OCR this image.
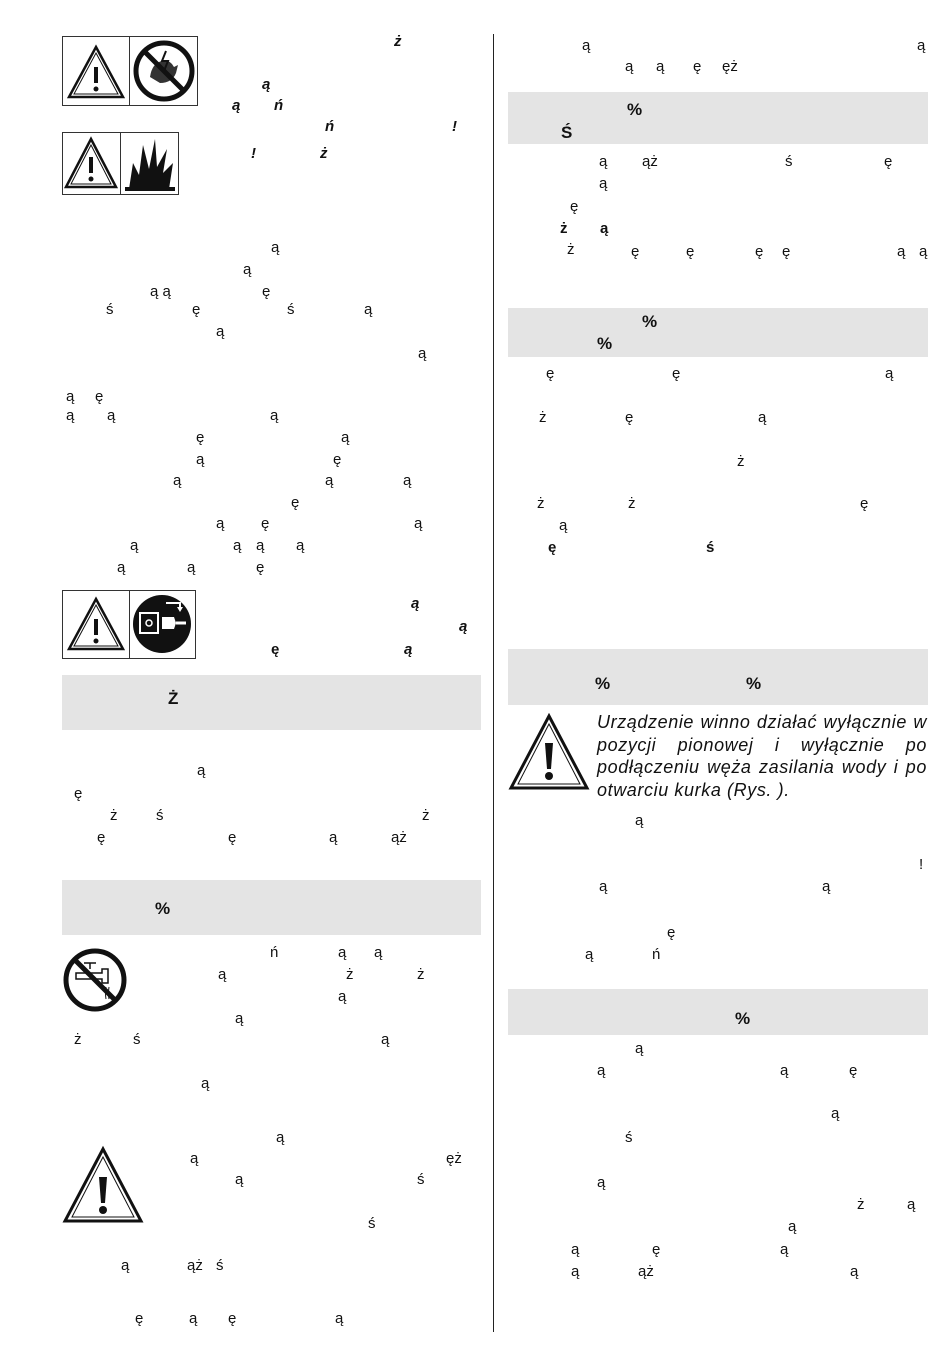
Urządzenie winno działać wyłącznie w pozycji pionowej i wyłącznie po podłączeniu węża zasilania wody i po otwarciu kurka (Rys. ).
ż
ą
ą ń
ń	!
!	ż
ą
ą
ą ą	ę
ś	ę	ś	ą
ą
ą
ą ę
ą ą	ą
ę	ą
ą	ę
ą	ą	ą
ę
ą ę	ą
ą	ą ą ą
ą	ą	ę
ą
ą
ę	ą
Ż
ą
ę
ż	ś	ż
ę	ę	ą	ąż
%
ń	ą ą
ą	ż	ż
ą
ą
ż	ś	ą
ą
ą
ą	ęż
ą	ś
ś
ą	ąż ś
ę	ą ę	ą
ą	ą
ą ą ę ęż
%
Ś
ą ąż	ś	ę
ą
ę
ż ą
ż	ę	ę	ę ę	ą ą
%
%
ę	ę	ą
ż	ę	ą
ż
ż	ż	ę
ą
ę	ś
%	%
ą
!
ą	ą
ę
ą	ń
%
ą
ą	ą	ę
ą
ś
ą
ż	ą
ą
ą	ę	ą
ą	ąż	ą
